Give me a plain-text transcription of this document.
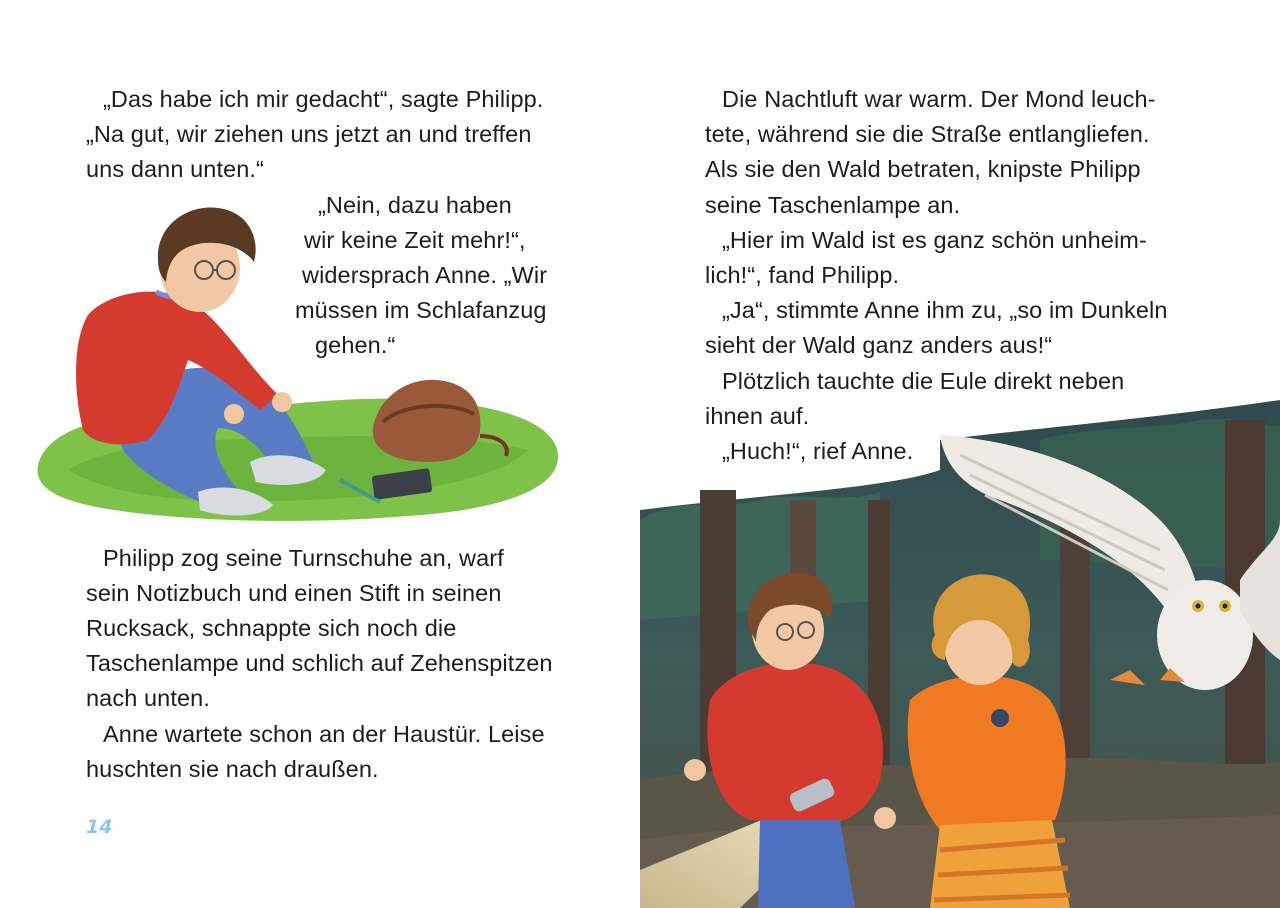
„Das habe ich mir gedacht“, sagte Philipp.
„Na gut, wir ziehen uns jetzt an und treffen
uns dann unten.“
„Nein, dazu haben
wir keine Zeit mehr!“,
widersprach Anne. „Wir
müssen im Schlafanzug
gehen.“
Philipp zog seine Turnschuhe an, warf
sein Notizbuch und einen Stift in seinen
Rucksack, schnappte sich noch die
Taschenlampe und schlich auf Zehenspitzen
nach unten.
Anne wartete schon an der Haustür. Leise
huschten sie nach draußen.
14
Die Nachtluft war warm. Der Mond leuch-
tete, während sie die Straße entlangliefen.
Als sie den Wald betraten, knipste Philipp
seine Taschenlampe an.
„Hier im Wald ist es ganz schön unheim-
lich!“, fand Philipp.
„Ja“, stimmte Anne ihm zu, „so im Dunkeln
sieht der Wald ganz anders aus!“
Plötzlich tauchte die Eule direkt neben
ihnen auf.
„Huch!“, rief Anne.
